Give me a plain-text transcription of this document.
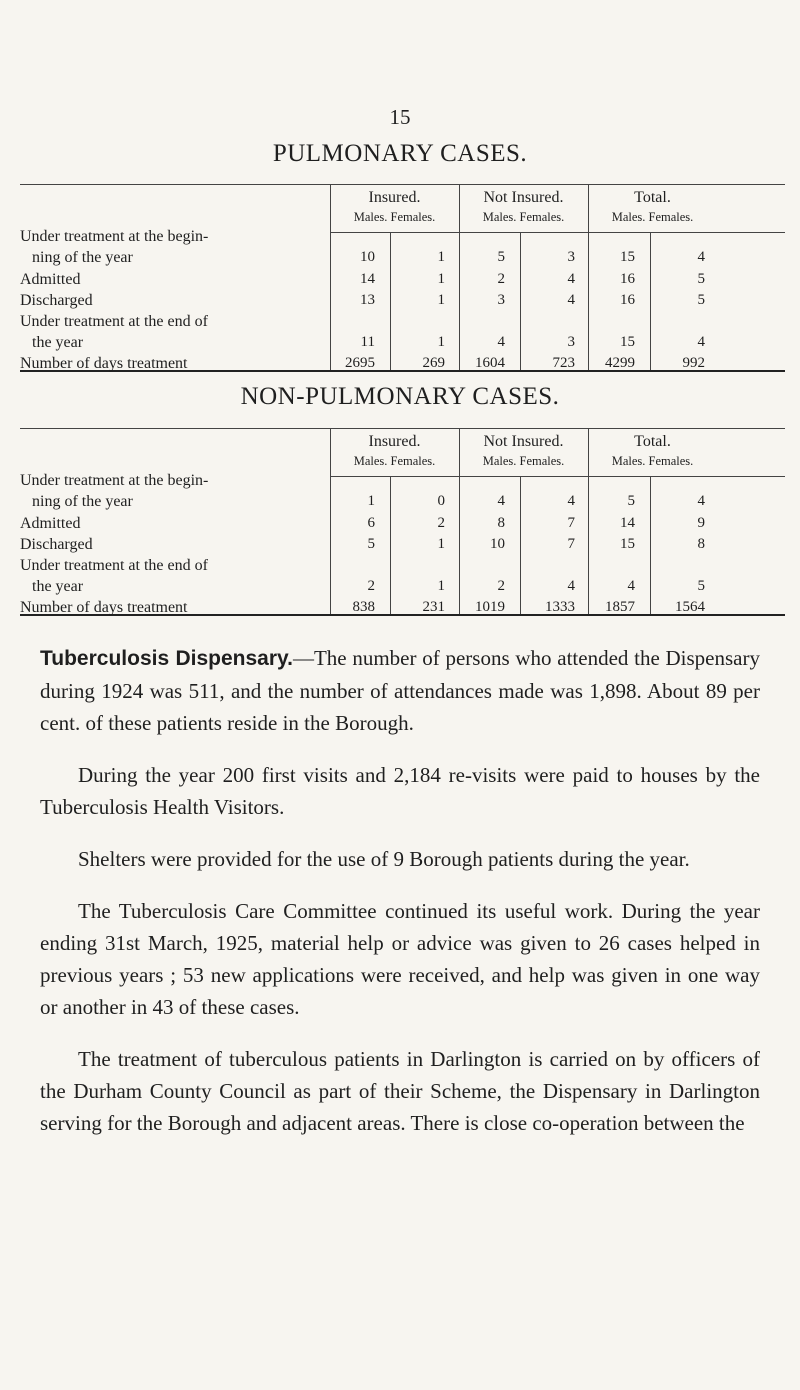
15
PULMONARY CASES.
Insured.
Males. Females.
Not Insured.
Males. Females.
Total.
Males. Females.
Under treatment at the begin-
ning of the year	10	1	5	3	15	4
Admitted	14	1	2	4	16	5
Discharged	13	1	3	4	16	5
Under treatment at the end of
the year	11	1	4	3	15	4
Number of days treatment	2695	269	1604	723	4299	992
NON-PULMONARY CASES.
Insured.
Males. Females.
Not Insured.
Males. Females.
Total.
Males. Females.
Under treatment at the begin-
ning of the year	1	0	4	4	5	4
Admitted	6	2	8	7	14	9
Discharged	5	1	10	7	15	8
Under treatment at the end of
the year	2	1	2	4	4	5
Number of days treatment	838	231	1019	1333	1857	1564

Tuberculosis Dispensary.—The number of persons who attended the Dispensary during 1924 was 511, and the number of attendances made was 1,898. About 89 per cent. of these patients reside in the Borough.

During the year 200 first visits and 2,184 re-visits were paid to houses by the Tuberculosis Health Visitors.

Shelters were provided for the use of 9 Borough patients during the year.

The Tuberculosis Care Committee continued its useful work. During the year ending 31st March, 1925, material help or advice was given to 26 cases helped in previous years ; 53 new applications were received, and help was given in one way or another in 43 of these cases.

The treatment of tuberculous patients in Darlington is carried on by officers of the Durham County Council as part of their Scheme, the Dispensary in Darlington serving for the Borough and adjacent areas. There is close co-operation between the
